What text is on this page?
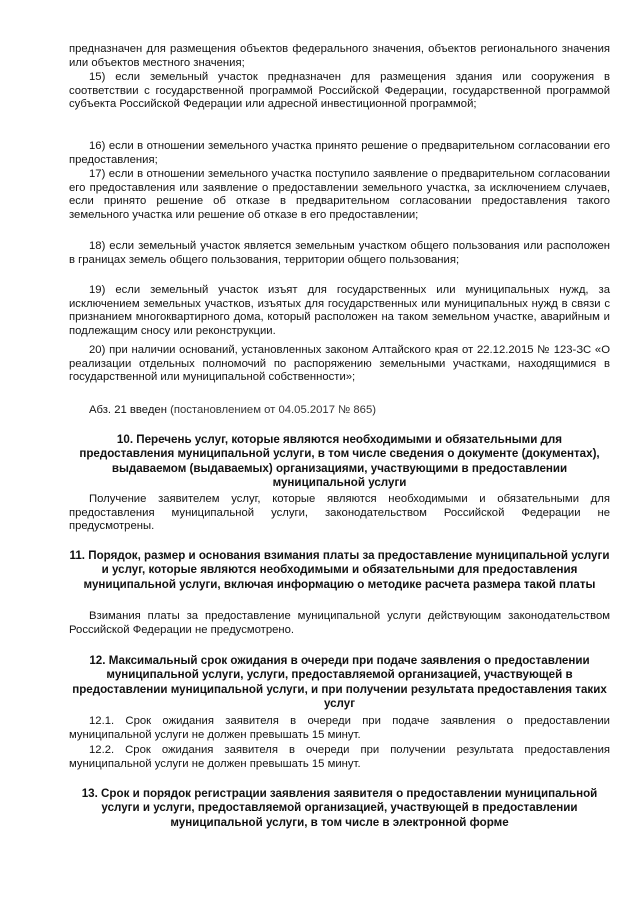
предназначен для размещения объектов федерального значения, объектов регионального значения или объектов местного значения;
15) если земельный участок предназначен для размещения здания или сооружения в соответствии с государственной программой Российской Федерации, государственной программой субъекта Российской Федерации или адресной инвестиционной программой;
16) если в отношении земельного участка принято решение о предварительном согласовании его предоставления;
17) если в отношении земельного участка поступило заявление о предварительном согласовании его предоставления или заявление о предоставлении земельного участка, за исключением случаев, если принято решение об отказе в предварительном согласовании предоставления такого земельного участка или решение об отказе в его предоставлении;
18) если земельный участок является земельным участком общего пользования или расположен в границах земель общего пользования, территории общего пользования;
19) если земельный участок изъят для государственных или муниципальных нужд, за исключением земельных участков, изъятых для государственных или муниципальных нужд в связи с признанием многоквартирного дома, который расположен на таком земельном участке, аварийным и подлежащим сносу или реконструкции.
20) при наличии оснований, установленных законом Алтайского края от 22.12.2015 № 123-ЗС «О реализации отдельных полномочий по распоряжению земельными участками, находящимися в государственной или муниципальной собственности»;
Абз. 21 введен (постановлением от 04.05.2017 № 865)
10. Перечень услуг, которые являются необходимыми и обязательными для предоставления муниципальной услуги, в том числе сведения о документе (документах), выдаваемом (выдаваемых) организациями, участвующими в предоставлении муниципальной услуги
Получение заявителем услуг, которые являются необходимыми и обязательными для предоставления муниципальной услуги, законодательством Российской Федерации не предусмотрены.
11. Порядок, размер и основания взимания платы за предоставление муниципальной услуги и услуг, которые являются необходимыми и обязательными для предоставления муниципальной услуги, включая информацию о методике расчета размера такой платы
Взимания платы за предоставление муниципальной услуги действующим законодательством Российской Федерации не предусмотрено.
12. Максимальный срок ожидания в очереди при подаче заявления о предоставлении муниципальной услуги, услуги, предоставляемой организацией, участвующей в предоставлении муниципальной услуги, и при получении результата предоставления таких услуг
12.1. Срок ожидания заявителя в очереди при подаче заявления о предоставлении муниципальной услуги не должен превышать 15 минут.
12.2. Срок ожидания заявителя в очереди при получении результата предоставления муниципальной услуги не должен превышать 15 минут.
13. Срок и порядок регистрации заявления заявителя о предоставлении муниципальной услуги и услуги, предоставляемой организацией, участвующей в предоставлении муниципальной услуги, в том числе в электронной форме
